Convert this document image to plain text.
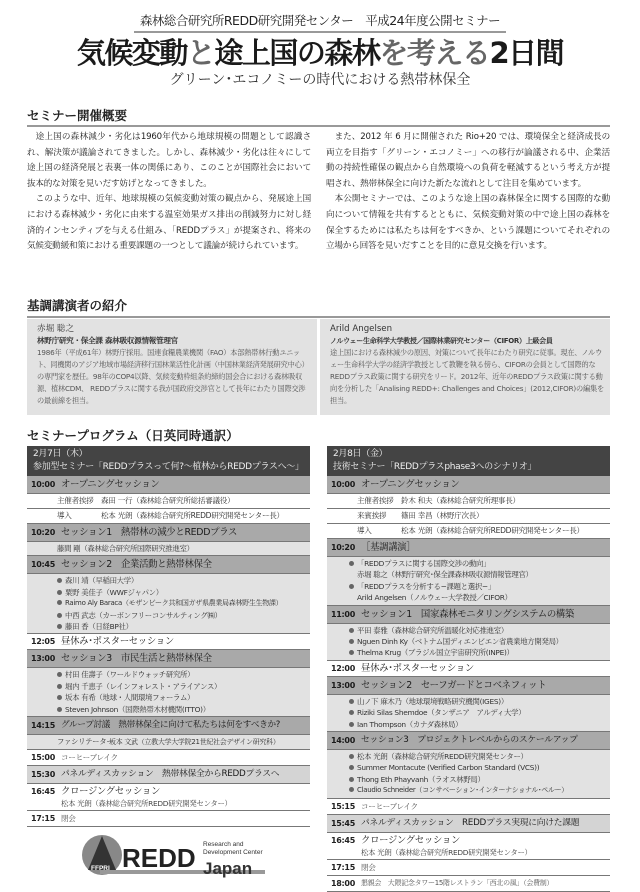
森林総合研究所REDD研究開発センター　平成24年度公開セミナー
気候変動と途上国の森林を考える2日間
グリーン･エコノミーの時代における熱帯林保全
セミナー開催概要

途上国の森林減少・劣化は1960年代から地球規模の問題として認識され、解決策が議論されてきました。しかし、森林減少・劣化は往々にして途上国の経済発展と表裏一体の関係にあり、このことが国際社会において抜本的な対策を見いだす妨げとなってきました。

このような中、近年、地球規模の気候変動対策の観点から、発展途上国における森林減少・劣化に由来する温室効果ガス排出の削減努力に対し経済的インセンティブを与える仕組み、「REDDプラス」が提案され、将来の気候変動緩和策における重要課題の一つとして議論が続けられています。

また、2012 年 6 月に開催された Rio+20 では、環境保全と経済成長の両立を目指す「グリーン・エコノミー」への移行が論議される中、企業活動の持続性確保の観点から自然環境への負荷を軽減するという考え方が提唱され、熱帯林保全に向けた新たな流れとして注目を集めています。

本公開セミナーでは、このような途上国の森林保全に関する国際的な動向について情報を共有するとともに、気候変動対策の中で途上国の森林を保全するためには私たちは何をすべきか、という課題についてそれぞれの立場から回答を見いだすことを目的に意見交換を行います。

基調講演者の紹介
赤堀 聡之
林野庁研究・保全課 森林吸収源情報管理官
1986年（平成61年）林野庁採用。国連食糧農業機関（FAO）本部熱帯林行動ユニット、同機関のアジア地域市場経済移行国林業活性化計画（中国林業経済発展研究中心）の専門家を歴任。98年のCOP4以降、気候変動枠組条約締約国会合における森林吸収源、植林CDM、 REDDプラスに関する我が国政府交渉官として長年にわたり国際交渉の最前線を担当。
Arild Angelsen
ノルウェー生命科学大学教授／国際林業研究センター（CIFOR）上級会員
途上国における森林減少の原因、対策について長年にわたり研究に従事。現在、ノルウェー生命科学大学の経済学教授として教鞭を執る傍ら、CIFORの会員として国際的なREDDプラス政策に関する研究をリード。2012年、近年のREDDプラス政策に関する動向を分析した「Analising REDD+: Challenges and Choices」(2012,CIFOR)の編集を担当。
セミナープログラム（日英同時通訳）
2月7日（木）
参加型セミナー「REDDプラスって何?〜植林からREDDプラスへ〜」
10:00 オープニングセッション
主催者挨拶 森田 一行（森林総合研究所総括審議役）
導入	松本 光朗（森林総合研究所REDD研究開発センター長）
10:20 セッション1　熱帯林の減少とREDDプラス
藤間 剛（森林総合研究所国際研究推進室）
10:45 セッション2　企業活動と熱帯林保全
森川 靖（早稲田大学）
粟野 美佳子（WWFジャパン）
Raimo Aly Baraca（モザンビーク共和国ガザ県農業局森林野生生物課）
中西 武志（カーボンフリーコンサルティング㈱）
藤田 香（日経BP社）
12:05 昼休み･ポスターセッション
13:00 セッション3　市民生活と熱帯林保全
村田 佳壽子（ワールドウォッチ研究所）
堀内 千恵子（レインフォレスト・アライアンス）
坂本 有希（地球・人間環境フォーラム）
Steven Johnson（国際熱帯木材機関(ITTO)）
14:15 グループ討議　熱帯林保全に向けて私たちは何をすべきか?
ファシリテーター
坂本 文武（立教大学大学院21世紀社会デザイン研究科）
15:00 コーヒーブレイク
15:30 パネルディスカッション　熱帯林保全からREDDプラスへ
16:45 クロージングセッション
松本 光朗（森林総合研究所REDD研究開発センター）
17:15 閉会
2月8日（金）
技術セミナー「REDDプラスphase3へのシナリオ」
10:00 オープニングセッション
主催者挨拶 鈴木 和夫（森林総合研究所理事長）
来賓挨拶	篠田 幸昌（林野庁次長）
導入	松本 光朗（森林総合研究所REDD研究開発センター長）
10:20 ［基調講演］
「REDDプラスに関する国際交渉の動向」
赤堀 聡之（林野庁研究･保全課森林吸収源情報管理官）
「REDDプラスを分析する−課題と選択−」
Arild Angelsen（ノルウェー大学教授／CIFOR）
11:00 セッション1　国家森林モニタリングシステムの構築
平田 泰雅（森林総合研究所温暖化対応推進室）
Nguen Dinh Ky（ベトナム国ディエンビエン省農業地方開発局）
Thelma Krug（ブラジル国立宇宙研究所(INPE)）
12:00 昼休み･ポスターセッション
13:00 セッション2　セーフガードとコベネフィット
山ノ下 麻木乃（地球環境戦略研究機関(IGES)）
Riziki Silas Shemdoe（タンザニア　アルディ大学）
Ian Thompson（カナダ森林局）
14:00 セッション3　プロジェクトレベルからのスケールアップ
松本 光朗（森林総合研究所REDD研究開発センター）
Summer Montacute (Verified Carbon Standard (VCS))
Thong Eth Phayvanh（ラオス林野局）
Claudio Schneider（コンサベーション･インターナショナル･ペルー）
15:15 コーヒーブレイク
15:45 パネルディスカッション　REDDプラス実現に向けた課題
16:45 クロージングセッション
松本 光朗（森林総合研究所REDD研究開発センター）
17:15 閉会
18:00 懇親会　大隈記念タワー15階レストラン「西北の風」（会費制）
FFPRI REDD Research and
Development Center
Japan
